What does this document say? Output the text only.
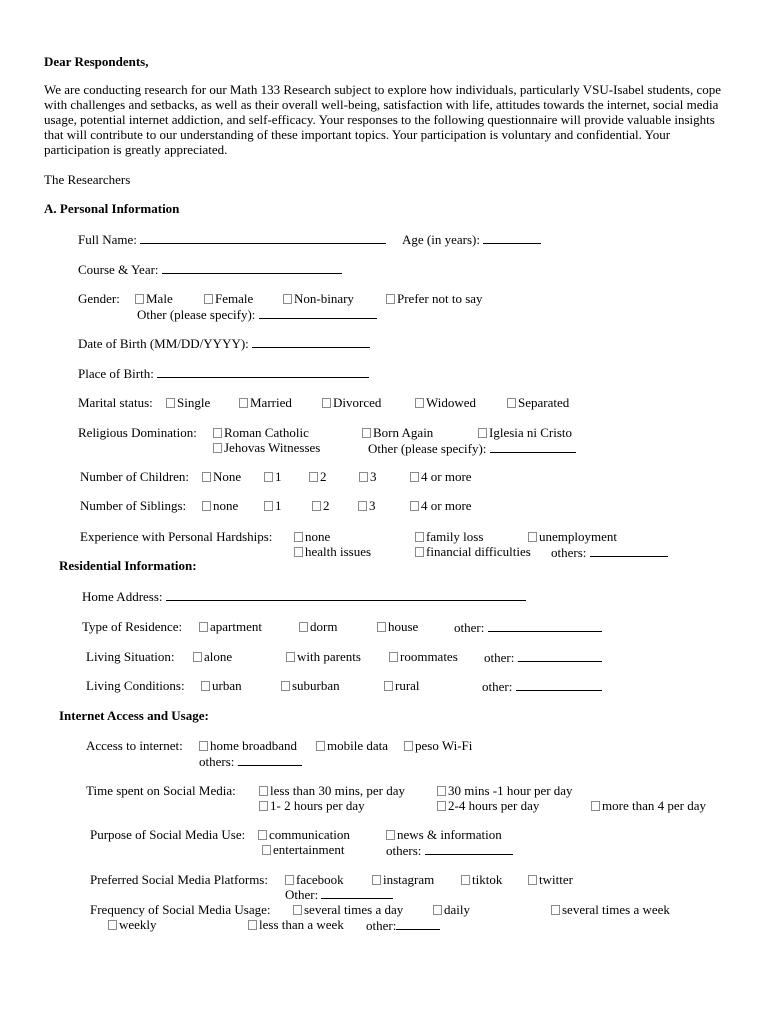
Dear Respondents,
We are conducting research for our Math 133 Research subject to explore how individuals, particularly VSU-Isabel students, cope with challenges and setbacks, as well as their overall well-being, satisfaction with life, attitudes towards the internet, social media usage, potential internet addiction, and self-efficacy. Your responses to the following questionnaire will provide valuable insights that will contribute to our understanding of these important topics. Your participation is voluntary and confidential. Your participation is greatly appreciated.
The Researchers
A. Personal Information
Full Name:	Age (in years):
Course & Year:
Gender:	Male	Female	Non-binary	Prefer not to say
Other (please specify):
Date of Birth (MM/DD/YYYY):
Place of Birth:
Marital status:	Single	Married	Divorced	Widowed	Separated
Religious Domination:	Roman Catholic	Born Again	Iglesia ni Cristo
Jehovas Witnesses	Other (please specify):
Number of Children:	None	1	2	3	4 or more
Number of Siblings:	none	1	2	3	4 or more
Experience with Personal Hardships:	none	family loss	unemployment
health issues	financial difficulties others:
Residential Information:
Home Address:
Type of Residence:	apartment	dorm	house	other:
Living Situation:	alone	with parents	roommates other:
Living Conditions:	urban	suburban	rural	other:
Internet Access and Usage:
Access to internet:	home broadband	mobile data	peso Wi-Fi
others:
Time spent on Social Media:	less than 30 mins, per day	30 mins -1 hour per day
1- 2 hours per day	2-4 hours per day	more than 4 per day
Purpose of Social Media Use:	communication	news & information
entertainment	others:
Preferred Social Media Platforms:	facebook	instagram	tiktok	twitter
Other:
Frequency of Social Media Usage:	several times a day	daily	several times a week
weekly	less than a week other:
